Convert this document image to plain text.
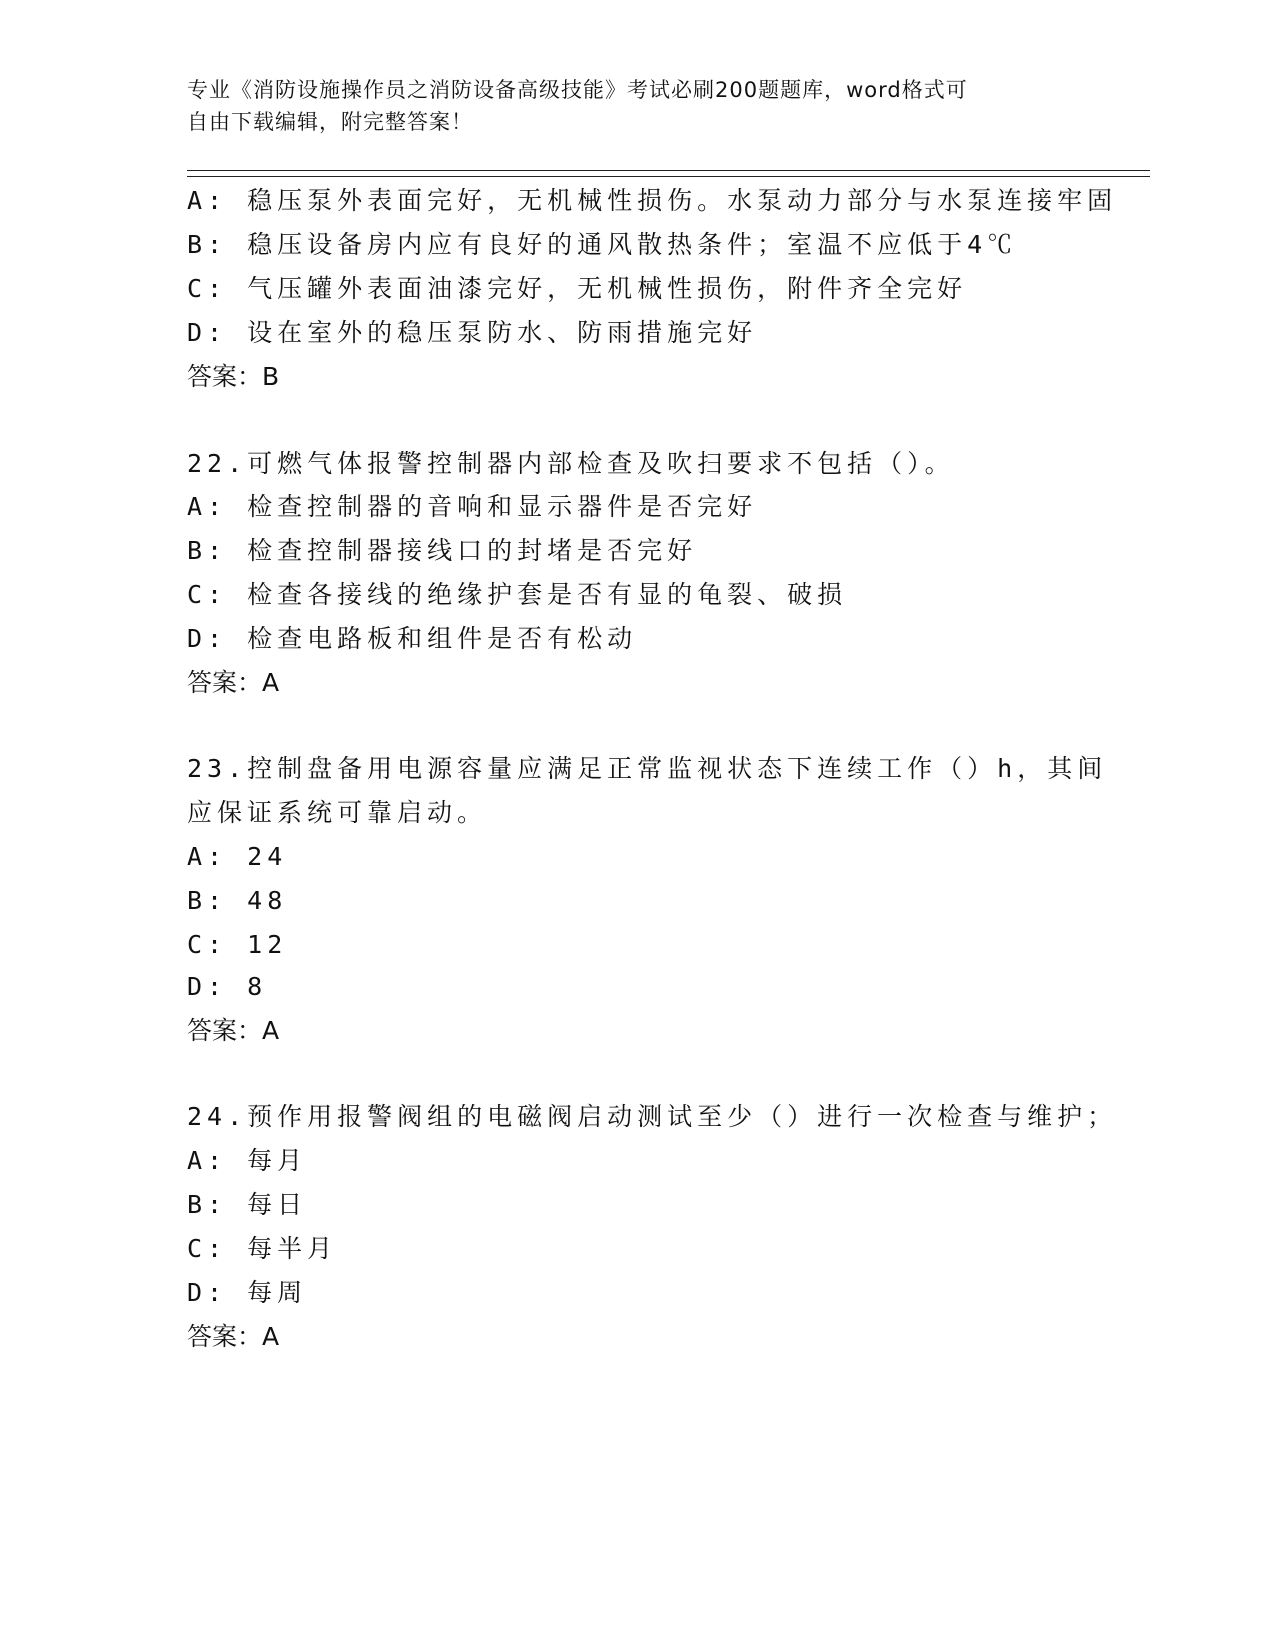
专业《消防设施操作员之消防设备高级技能》考试必刷200题题库，word格式可
自由下载编辑，附完整答案！
A: 稳压泵外表面完好，无机械性损伤。水泵动力部分与水泵连接牢固
B: 稳压设备房内应有良好的通风散热条件；室温不应低于4℃
C: 气压罐外表面油漆完好，无机械性损伤，附件齐全完好
D: 设在室外的稳压泵防水、防雨措施完好
答案：B
22.可燃气体报警控制器内部检查及吹扫要求不包括（）。
A: 检查控制器的音响和显示器件是否完好
B: 检查控制器接线口的封堵是否完好
C: 检查各接线的绝缘护套是否有显的龟裂、破损
D: 检查电路板和组件是否有松动
答案：A
23.控制盘备用电源容量应满足正常监视状态下连续工作（）h，其间
应保证系统可靠启动。
A: 24
B: 48
C: 12
D: 8
答案：A
24.预作用报警阀组的电磁阀启动测试至少（）进行一次检查与维护；
A: 每月
B: 每日
C: 每半月
D: 每周
答案：A
